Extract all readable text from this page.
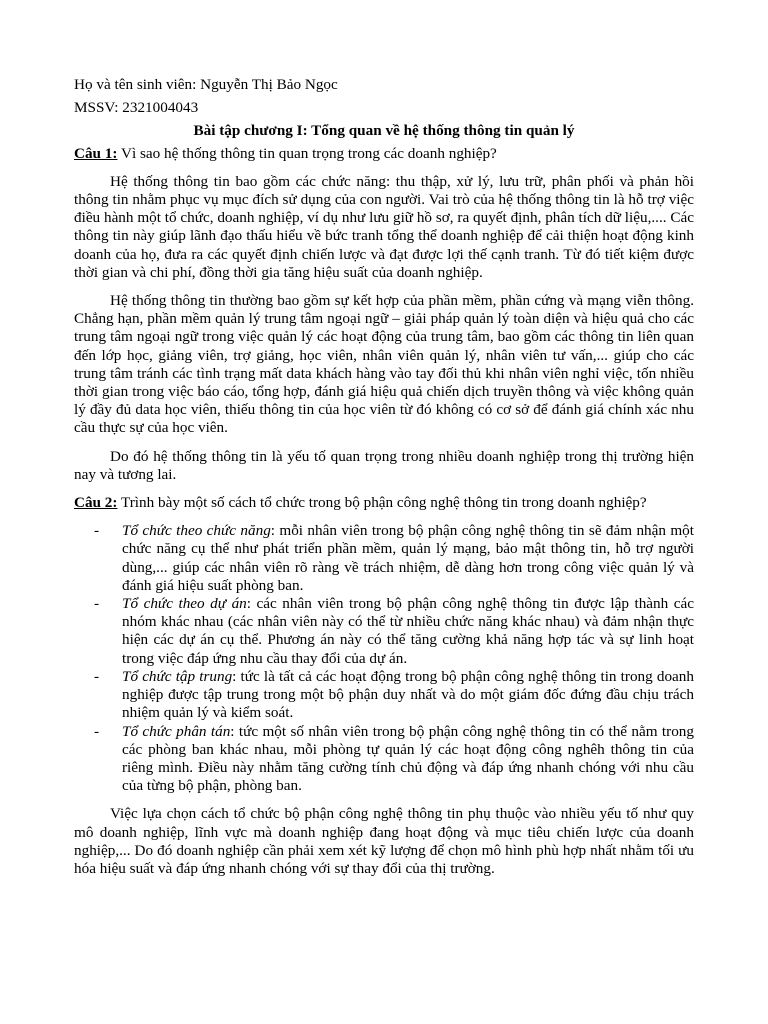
Họ và tên sinh viên: Nguyễn Thị Bảo Ngọc

MSSV: 2321004043

Bài tập chương I: Tổng quan về hệ thống thông tin quản lý

Câu 1: Vì sao hệ thống thông tin quan trọng trong các doanh nghiệp?

Hệ thống thông tin bao gồm các chức năng: thu thập, xử lý, lưu trữ, phân phối và phản hồi thông tin nhằm phục vụ mục đích sử dụng của con người. Vai trò của hệ thống thông tin là hỗ trợ việc điều hành một tổ chức, doanh nghiệp, ví dụ như lưu giữ hồ sơ, ra quyết định, phân tích dữ liệu,.... Các thông tin này giúp lãnh đạo thấu hiểu về bức tranh tổng thể doanh nghiệp để cải thiện hoạt động kinh doanh của họ, đưa ra các quyết định chiến lược và đạt được lợi thế cạnh tranh. Từ đó tiết kiệm được thời gian và chi phí, đồng thời gia tăng hiệu suất của doanh nghiệp.

Hệ thống thông tin thường bao gồm sự kết hợp của phần mềm, phần cứng và mạng viễn thông. Chẳng hạn, phần mềm quản lý trung tâm ngoại ngữ – giải pháp quản lý toàn diện và hiệu quả cho các trung tâm ngoại ngữ trong việc quản lý các hoạt động của trung tâm, bao gồm các thông tin liên quan đến lớp học, giảng viên, trợ giảng, học viên, nhân viên quản lý, nhân viên tư vấn,... giúp cho các trung tâm tránh các tình trạng mất data khách hàng vào tay đối thủ khi nhân viên nghỉ việc, tốn nhiều thời gian trong việc báo cáo, tổng hợp, đánh giá hiệu quả chiến dịch truyền thông và việc không quản lý đầy đủ data học viên, thiếu thông tin của học viên từ đó không có cơ sở để đánh giá chính xác nhu cầu thực sự của học viên.

Do đó hệ thống thông tin là yếu tố quan trọng trong nhiều doanh nghiệp trong thị trường hiện nay và tương lai.

Câu 2: Trình bày một số cách tổ chức trong bộ phận công nghệ thông tin trong doanh nghiệp?

- Tổ chức theo chức năng: mỗi nhân viên trong bộ phận công nghệ thông tin sẽ đảm nhận một chức năng cụ thể như phát triển phần mềm, quản lý mạng, bảo mật thông tin, hỗ trợ người dùng,... giúp các nhân viên rõ ràng về trách nhiệm, dễ dàng hơn trong công việc quản lý và đánh giá hiệu suất phòng ban.
- Tổ chức theo dự án: các nhân viên trong bộ phận công nghệ thông tin được lập thành các nhóm khác nhau (các nhân viên này có thể từ nhiều chức năng khác nhau) và đảm nhận thực hiện các dự án cụ thể. Phương án này có thể tăng cường khả năng hợp tác và sự linh hoạt trong việc đáp ứng nhu cầu thay đổi của dự án.
- Tổ chức tập trung: tức là tất cả các hoạt động trong bộ phận công nghệ thông tin trong doanh nghiệp được tập trung trong một bộ phận duy nhất và do một giám đốc đứng đầu chịu trách nhiệm quản lý và kiểm soát.
- Tổ chức phân tán: tức một số nhân viên trong bộ phận công nghệ thông tin có thể nằm trong các phòng ban khác nhau, mỗi phòng tự quản lý các hoạt động công nghêh thông tin của riêng mình. Điều này nhằm tăng cường tính chủ động và đáp ứng nhanh chóng với nhu cầu của từng bộ phận, phòng ban.

Việc lựa chọn cách tổ chức bộ phận công nghệ thông tin phụ thuộc vào nhiều yếu tố như quy mô doanh nghiệp, lĩnh vực mà doanh nghiệp đang hoạt động và mục tiêu chiến lược của doanh nghiệp,... Do đó doanh nghiệp cần phải xem xét kỹ lượng để chọn mô hình phù hợp nhất nhằm tối ưu hóa hiệu suất và đáp ứng nhanh chóng với sự thay đổi của thị trường.
